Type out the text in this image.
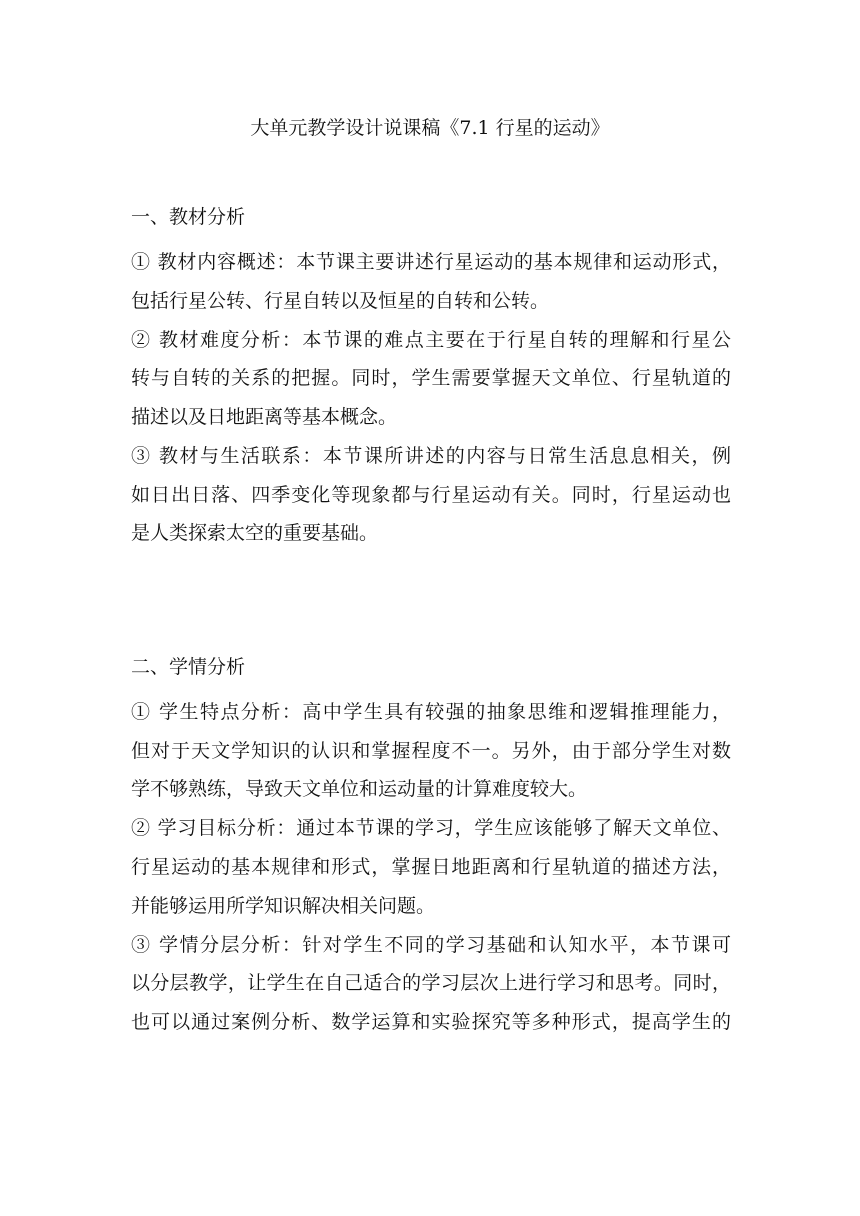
大单元教学设计说课稿《7.1 行星的运动》
一、教材分析
① 教材内容概述：本节课主要讲述行星运动的基本规律和运动形式，
包括行星公转、行星自转以及恒星的自转和公转。
② 教材难度分析：本节课的难点主要在于行星自转的理解和行星公
转与自转的关系的把握。同时，学生需要掌握天文单位、行星轨道的
描述以及日地距离等基本概念。
③ 教材与生活联系：本节课所讲述的内容与日常生活息息相关，例
如日出日落、四季变化等现象都与行星运动有关。同时，行星运动也
是人类探索太空的重要基础。
二、学情分析
① 学生特点分析：高中学生具有较强的抽象思维和逻辑推理能力，
但对于天文学知识的认识和掌握程度不一。另外，由于部分学生对数
学不够熟练，导致天文单位和运动量的计算难度较大。
② 学习目标分析：通过本节课的学习，学生应该能够了解天文单位、
行星运动的基本规律和形式，掌握日地距离和行星轨道的描述方法，
并能够运用所学知识解决相关问题。
③ 学情分层分析：针对学生不同的学习基础和认知水平，本节课可
以分层教学，让学生在自己适合的学习层次上进行学习和思考。同时，
也可以通过案例分析、数学运算和实验探究等多种形式，提高学生的
